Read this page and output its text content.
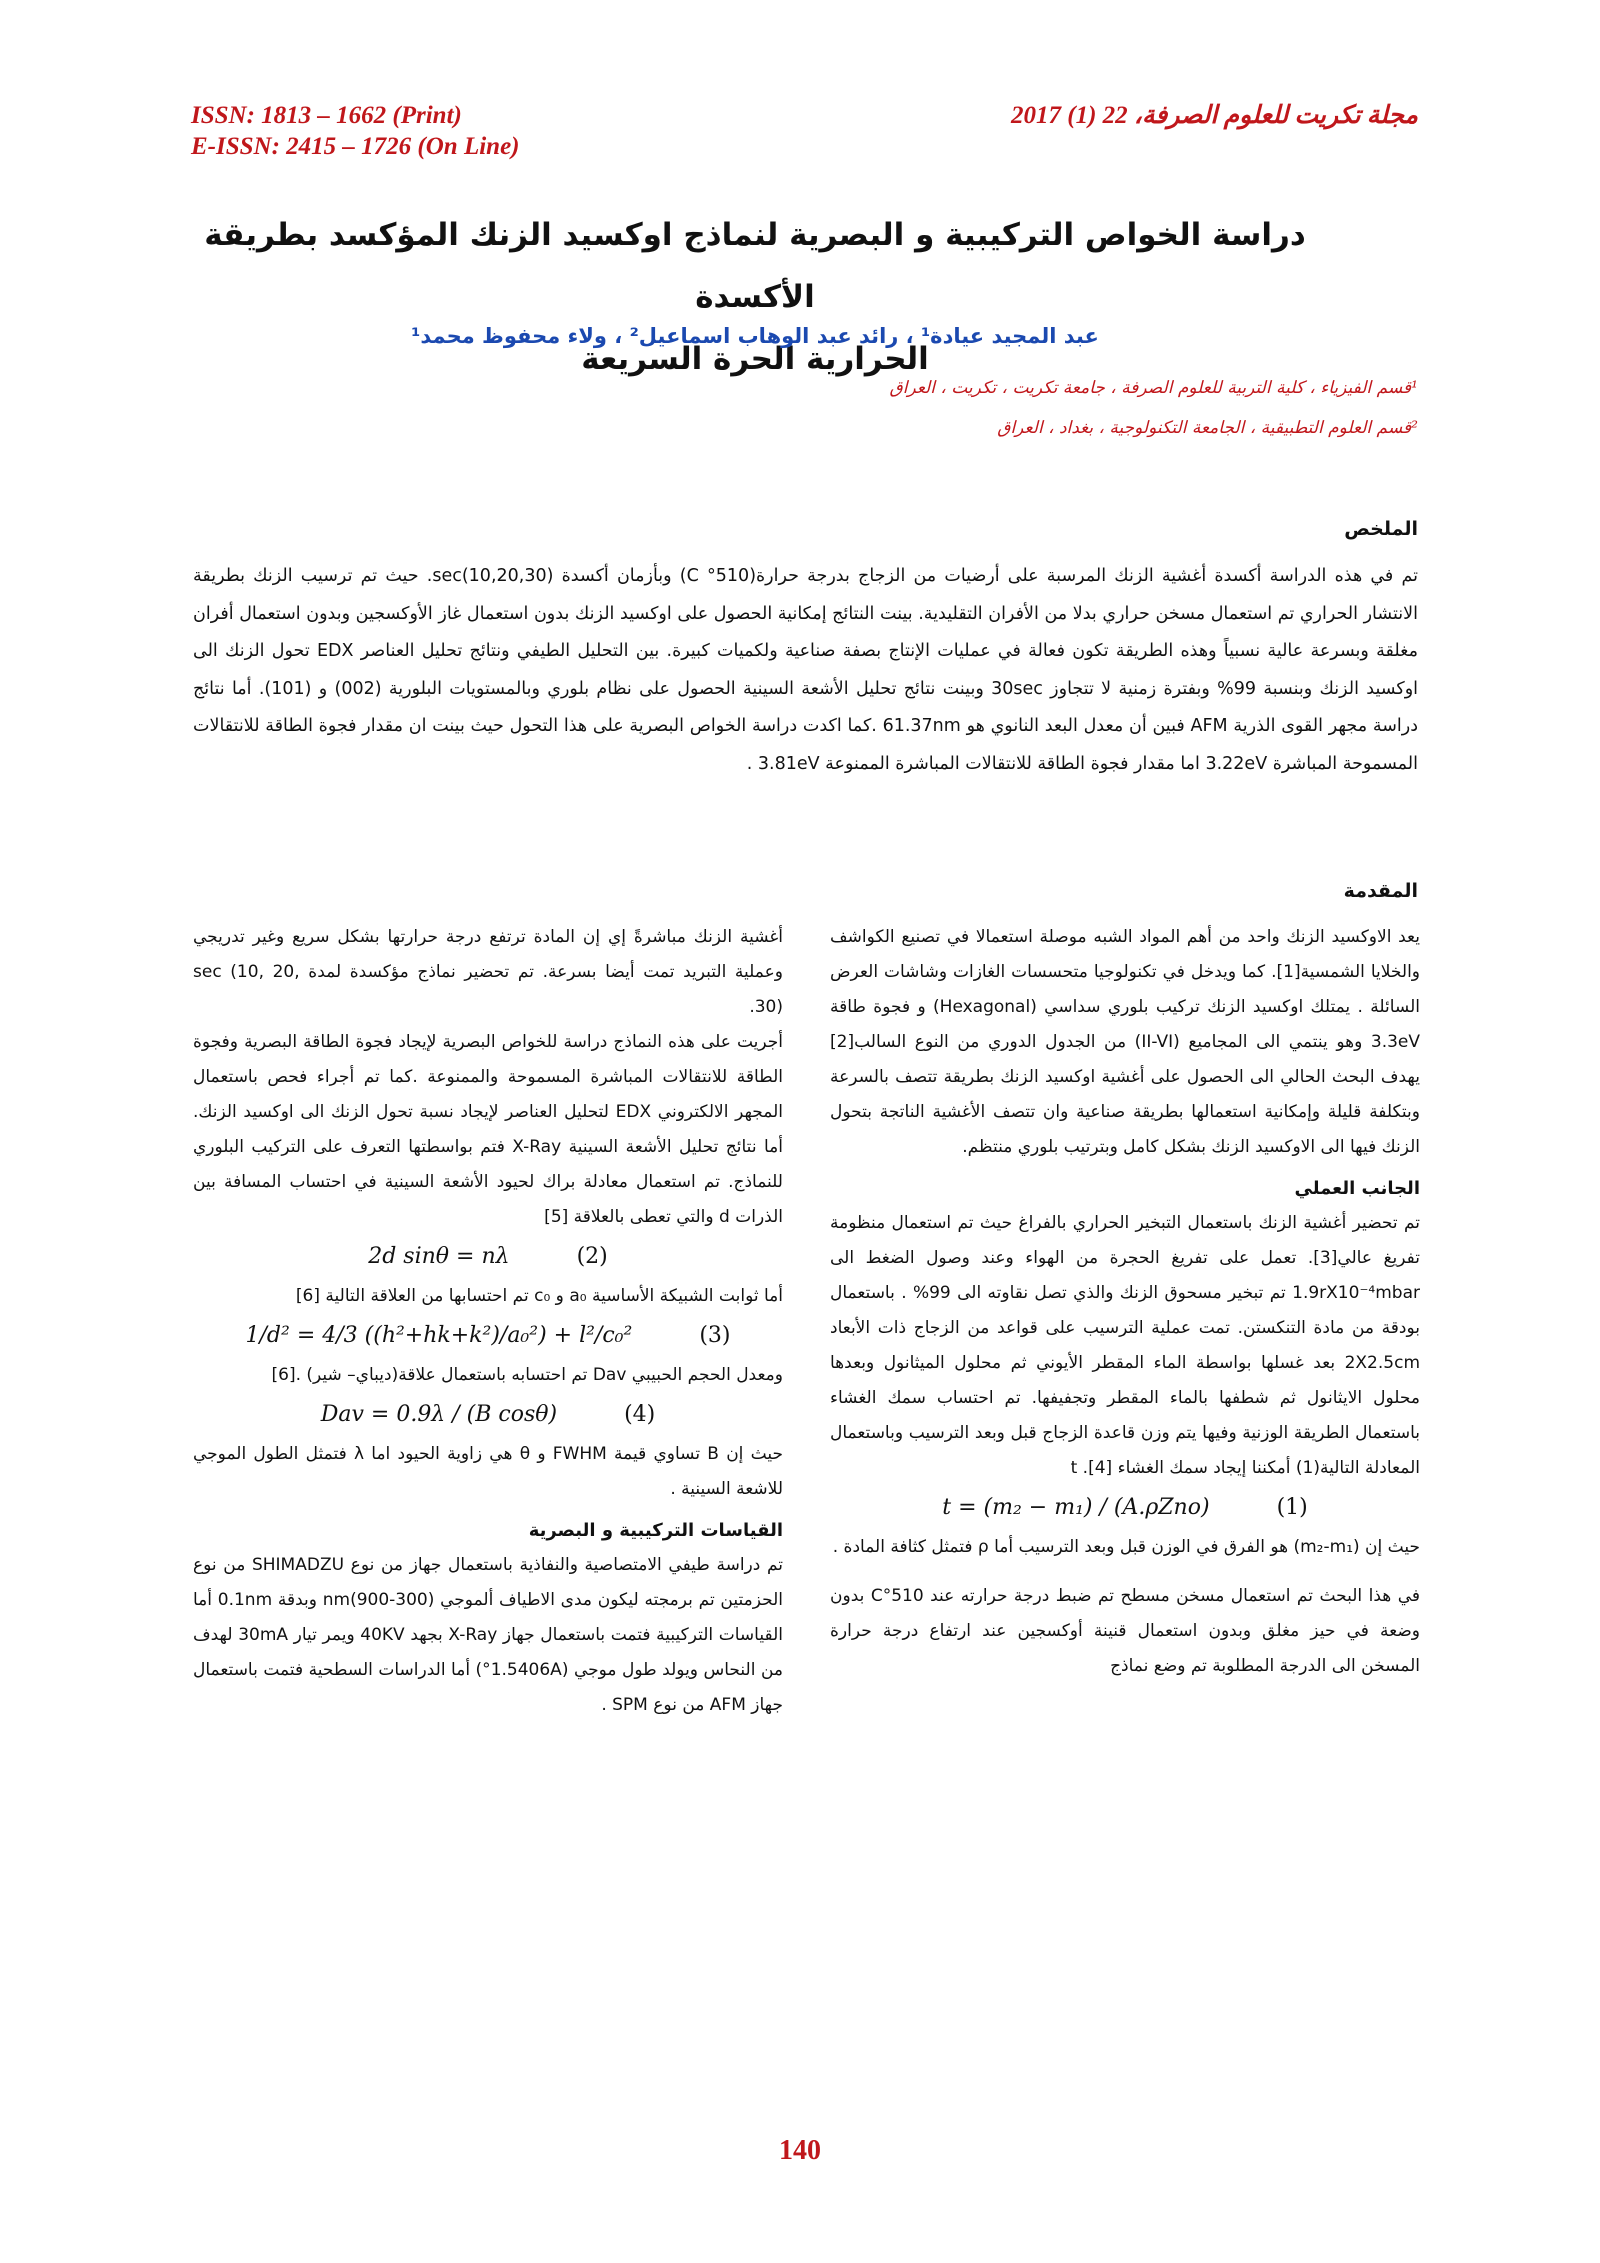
ISSN: 1813 – 1662 (Print)
E-ISSN: 2415 – 1726 (On Line)
مجلة تكريت للعلوم الصرفة، 22 (1) 2017
دراسة الخواص التركيبية و البصرية لنماذج اوكسيد الزنك المؤكسد بطريقة الأكسدة
الحرارية الحرة السريعة
عبد المجيد عيادة¹ ، رائد عبد الوهاب اسماعيل² ، ولاء محفوظ محمد¹
¹قسم الفيزياء ، كلية التربية للعلوم الصرفة ، جامعة تكريت ، تكريت ، العراق
²قسم العلوم التطبيقية ، الجامعة التكنولوجية ، بغداد ، العراق
الملخص
تم في هذه الدراسة أكسدة أغشية الزنك المرسبة على أرضيات من الزجاج بدرجة حرارة(510° C) وبأزمان أكسدة sec(10,20,30). حيث تم ترسيب الزنك بطريقة الانتشار الحراري تم استعمال مسخن حراري بدلا من الأفران التقليدية. بينت النتائج إمكانية الحصول على اوكسيد الزنك بدون استعمال غاز الأوكسجين وبدون استعمال أفران مغلقة وبسرعة عالية نسبياً وهذه الطريقة تكون فعالة في عمليات الإنتاج بصفة صناعية ولكميات كبيرة. بين التحليل الطيفي ونتائج تحليل العناصر EDX تحول الزنك الى اوكسيد الزنك وبنسبة 99% وبفترة زمنية لا تتجاوز 30sec وبينت نتائج تحليل الأشعة السينية الحصول على نظام بلوري وبالمستويات البلورية (002) و (101). أما نتائج دراسة مجهر القوى الذرية AFM فبين أن معدل البعد النانوي هو 61.37nm .كما اكدت دراسة الخواص البصرية على هذا التحول حيث بينت ان مقدار فجوة الطاقة للانتقالات المسموحة المباشرة 3.22eV اما مقدار فجوة الطاقة للانتقالات المباشرة الممنوعة 3.81eV .
المقدمة

يعد الاوكسيد الزنك واحد من أهم المواد الشبه موصلة استعمالا في تصنيع الكواشف والخلايا الشمسية[1]. كما ويدخل في تكنولوجيا متحسسات الغازات وشاشات العرض السائلة . يمتلك اوكسيد الزنك تركيب بلوري سداسي (Hexagonal) و فجوة طاقة 3.3eV وهو ينتمي الى المجاميع (II-VI) من الجدول الدوري من النوع السالب[2] يهدف البحث الحالي الى الحصول على أغشية اوكسيد الزنك بطريقة تتصف بالسرعة وبتكلفة قليلة وإمكانية استعمالها بطريقة صناعية وان تتصف الأغشية الناتجة بتحول الزنك فيها الى الاوكسيد الزنك بشكل كامل وبترتيب بلوري منتظم.

الجانب العملي

تم تحضير أغشية الزنك باستعمال التبخير الحراري بالفراغ حيث تم استعمال منظومة تفريغ عالي[3]. تعمل على تفريغ الحجرة من الهواء وعند وصول الضغط الى 1.9rX10⁻⁴mbar تم تبخير مسحوق الزنك والذي تصل نقاوته الى 99% . باستعمال بودقة من مادة التنكستن. تمت عملية الترسيب على قواعد من الزجاج ذات الأبعاد 2X2.5cm بعد غسلها بواسطة الماء المقطر الأيوني ثم محلول الميثانول وبعدها محلول الايثانول ثم شطفها بالماء المقطر وتجفيفها. تم احتساب سمك الغشاء باستعمال الطريقة الوزنية وفيها يتم وزن قاعدة الزجاج قبل وبعد الترسيب وباستعمال المعادلة التالية(1) أمكننا إيجاد سمك الغشاء t .[4]

t = (m₂ − m₁) / (A.ρZno)	(1)

حيث إن (m₂-m₁) هو الفرق في الوزن قبل وبعد الترسيب أما ρ فتمثل كثافة المادة .

في هذا البحث تم استعمال مسخن مسطح تم ضبط درجة حرارته عند 510°C بدون وضعة في حيز مغلق وبدون استعمال قنينة أوكسجين عند ارتفاع درجة حرارة المسخن الى الدرجة المطلوبة تم وضع نماذج

أغشية الزنك مباشرةً إي إن المادة ترتفع درجة حرارتها بشكل سريع وغير تدريجي وعملية التبريد تمت أيضا بسرعة. تم تحضير نماذج مؤكسدة لمدة sec (10, 20, 30).

أجريت على هذه النماذج دراسة للخواص البصرية لإيجاد فجوة الطاقة البصرية وفجوة الطاقة للانتقالات المباشرة المسموحة والممنوعة .كما تم أجراء فحص باستعمال المجهر الالكتروني EDX لتحليل العناصر لإيجاد نسبة تحول الزنك الى اوكسيد الزنك. أما نتائج تحليل الأشعة السينية X-Ray فتم بواسطتها التعرف على التركيب البلوري للنماذج. تم استعمال معادلة براك لحيود الأشعة السينية في احتساب المسافة بين الذرات d والتي تعطى بالعلاقة [5]

2d sinθ = nλ	(2)

أما ثوابت الشبيكة الأساسية a₀ و c₀ تم احتسابها من العلاقة التالية [6]

1/d² = 4/3 ((h²+hk+k²)/a₀²) + l²/c₀²	(3)

ومعدل الحجم الحبيبي Dav تم احتسابه باستعمال علاقة(ديباي– شير) .[6]

Dav = 0.9λ / (B cosθ)	(4)

حيث إن B تساوي قيمة FWHM و θ هي زاوية الحيود اما λ فتمثل الطول الموجي للاشعة السينية .

القياسات التركيبية و البصرية

تم دراسة طيفي الامتصاصية والنفاذية باستعمال جهاز من نوع SHIMADZU من نوع الحزمتين تم برمجته ليكون مدى الاطياف ألموجي nm(900-300) وبدقة 0.1nm أما القياسات التركيبية فتمت باستعمال جهاز X-Ray بجهد 40KV ويمر تيار 30mA لهدف من النحاس ويولد طول موجي (1.5406A°) أما الدراسات السطحية فتمت باستعمال جهاز AFM من نوع SPM .

140
